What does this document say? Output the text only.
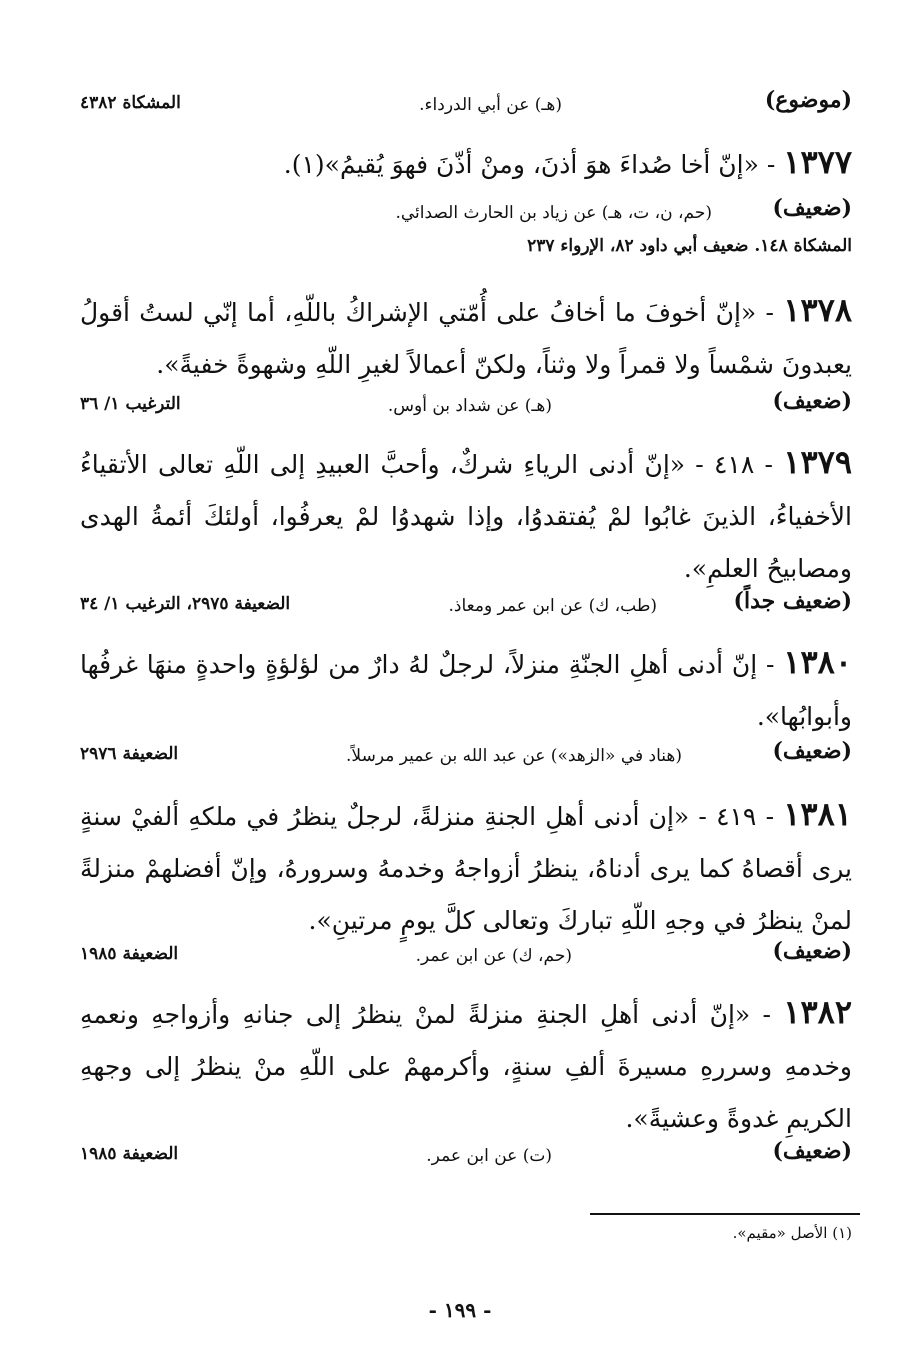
(موضوع)
(هـ) عن أبي الدرداء.
المشكاة ٤٣٨٢
١٣٧٧ - «إنّ أخا صُداءَ هوَ أذنَ، ومنْ أذّنَ فهوَ يُقيمُ»(١).
(ضعيف)
(حم، ن، ت، هـ) عن زياد بن الحارث الصدائي.
المشكاة ١٤٨. ضعيف أبي داود ٨٢، الإرواء ٢٣٧
١٣٧٨ - «إنّ أخوفَ ما أخافُ على أُمّتي الإشراكُ باللّهِ، أما إنّي لستُ أقولُ يعبدونَ شمْساً ولا قمراً ولا وثناً، ولكنّ أعمالاً لغيرِ اللّهِ وشهوةً خفيةً».
(ضعيف)
(هـ) عن شداد بن أوس.
الترغيب ١/ ٣٦
١٣٧٩ - ٤١٨ - «إنّ أدنى الرياءِ شركٌ، وأحبَّ العبيدِ إلى اللّهِ تعالى الأتقياءُ الأخفياءُ، الذينَ غابُوا لمْ يُفتقدوُا، وإذا شهدوُا لمْ يعرفُوا، أولئكَ أئمةُ الهدى ومصابيحُ العلمِ».
(ضعيف جداً)
(طب، ك) عن ابن عمر ومعاذ.
الضعيفة ٢٩٧٥، الترغيب ١/ ٣٤
١٣٨٠ - إنّ أدنى أهلِ الجنّةِ منزلاً، لرجلٌ لهُ دارٌ من لؤلؤةٍ واحدةٍ منهَا غرفُها وأبوابُها».
(ضعيف)
(هناد في «الزهد») عن عبد الله بن عمير مرسلاً.
الضعيفة ٢٩٧٦
١٣٨١ - ٤١٩ - «إن أدنى أهلِ الجنةِ منزلةً، لرجلٌ ينظرُ في ملكهِ ألفيْ سنةٍ يرى أقصاهُ كما يرى أدناهُ، ينظرُ أزواجهُ وخدمهُ وسرورهُ، وإنّ أفضلهمْ منزلةً لمنْ ينظرُ في وجهِ اللّهِ تباركَ وتعالى كلَّ يومٍ مرتينِ».
(ضعيف)
(حم، ك) عن ابن عمر.
الضعيفة ١٩٨٥
١٣٨٢ - «إنّ أدنى أهلِ الجنةِ منزلةً لمنْ ينظرُ إلى جنانهِ وأزواجهِ ونعمهِ وخدمهِ وسررهِ مسيرةَ ألفِ سنةٍ، وأكرمهمْ على اللّهِ منْ ينظرُ إلى وجههِ الكريمِ غدوةً وعشيةً».
(ضعيف)
(ت) عن ابن عمر.
الضعيفة ١٩٨٥
(١) الأصل «مقيم».
- ١٩٩ -
